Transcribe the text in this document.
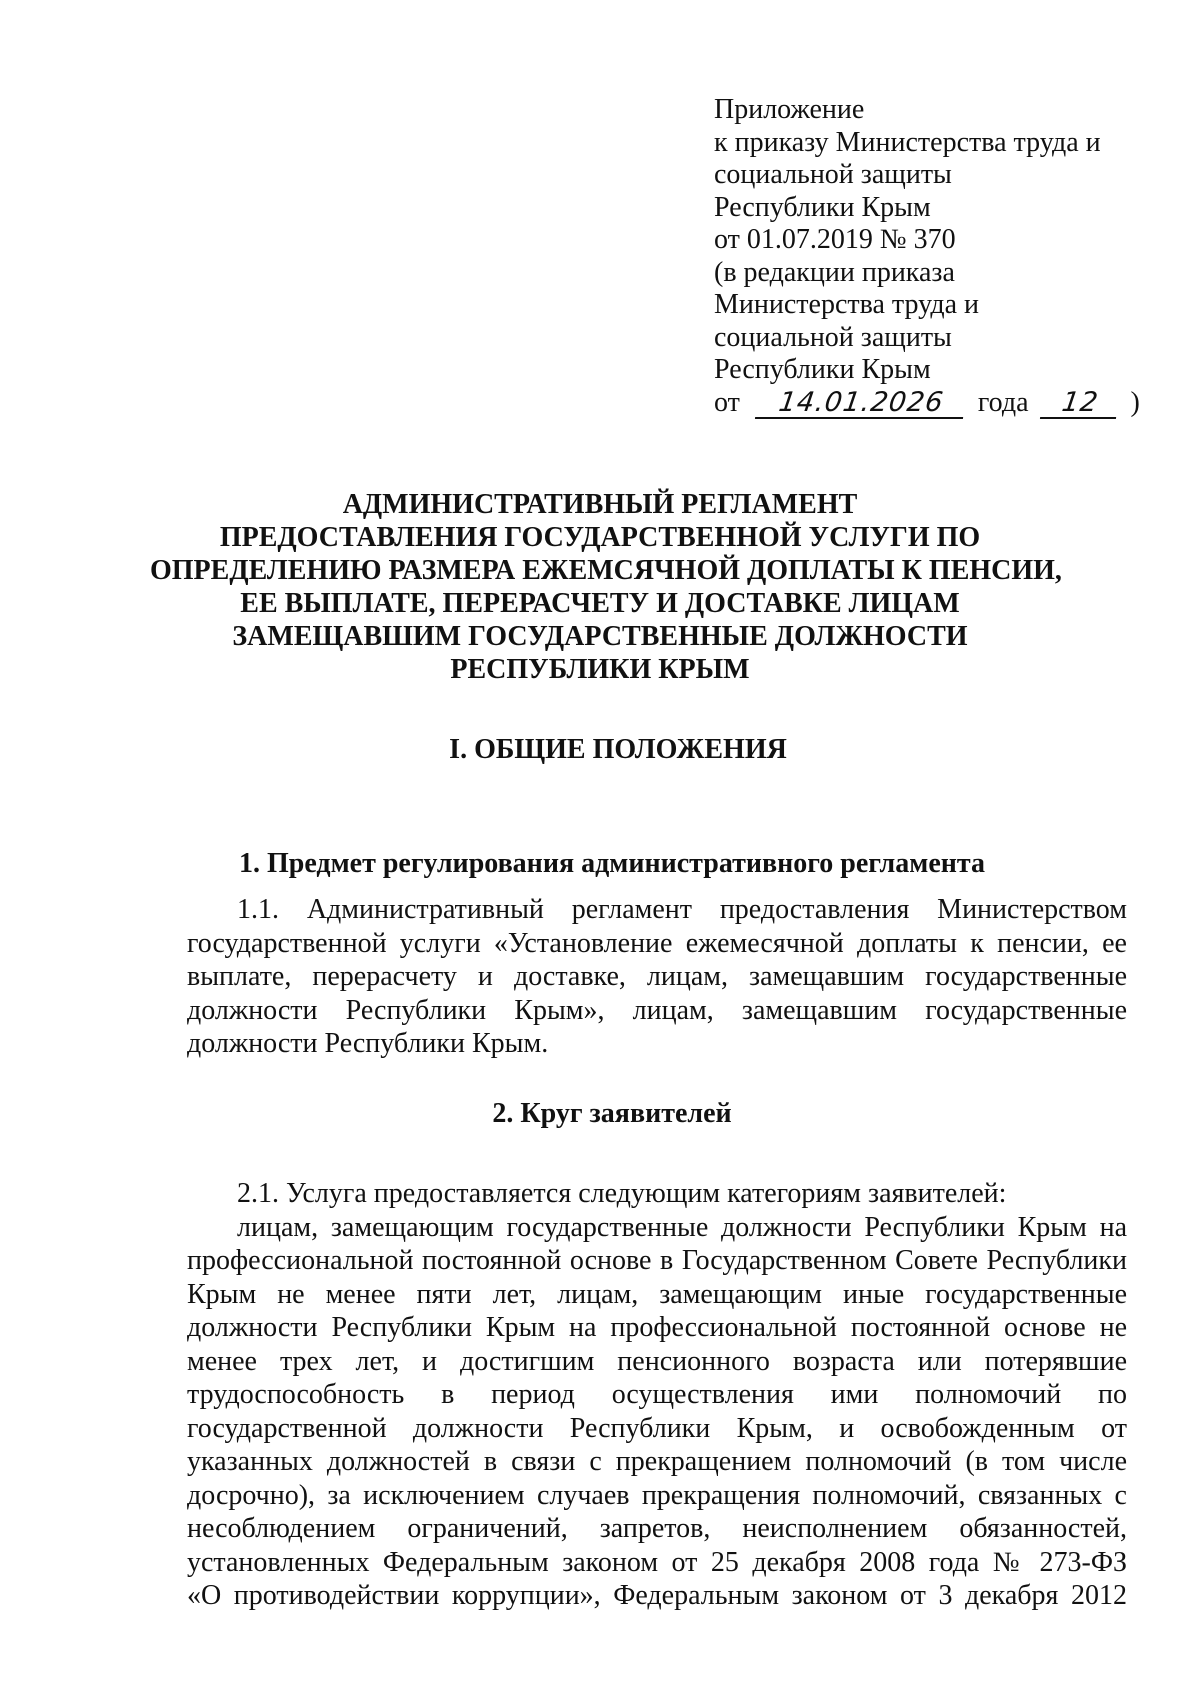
Приложение
к приказу Министерства труда и
социальной защиты
Республики Крым
от 01.07.2019 № 370
(в редакции приказа
Министерства труда и
социальной защиты
Республики Крым
от 14.01.2026 года 12 )
АДМИНИСТРАТИВНЫЙ РЕГЛАМЕНТ
ПРЕДОСТАВЛЕНИЯ ГОСУДАРСТВЕННОЙ УСЛУГИ ПО
ОПРЕДЕЛЕНИЮ РАЗМЕРА ЕЖЕМСЯЧНОЙ ДОПЛАТЫ К ПЕНСИИ,
ЕЕ ВЫПЛАТЕ, ПЕРЕРАСЧЕТУ И ДОСТАВКЕ ЛИЦАМ
ЗАМЕЩАВШИМ ГОСУДАРСТВЕННЫЕ ДОЛЖНОСТИ
РЕСПУБЛИКИ КРЫМ
I. ОБЩИЕ ПОЛОЖЕНИЯ
1. Предмет регулирования административного регламента
1.1. Административный регламент предоставления Министерством
государственной услуги «Установление ежемесячной доплаты к пенсии, ее
выплате, перерасчету и доставке, лицам, замещавшим государственные
должности Республики Крым», лицам, замещавшим государственные
должности Республики Крым.
2. Круг заявителей
2.1. Услуга предоставляется следующим категориям заявителей:
лицам, замещающим государственные должности Республики Крым на
профессиональной постоянной основе в Государственном Совете Республики
Крым не менее пяти лет, лицам, замещающим иные государственные
должности Республики Крым на профессиональной постоянной основе не
менее трех лет, и достигшим пенсионного возраста или потерявшие
трудоспособность в период осуществления ими полномочий по
государственной должности Республики Крым, и освобожденным от
указанных должностей в связи с прекращением полномочий (в том числе
досрочно), за исключением случаев прекращения полномочий, связанных с
несоблюдением ограничений, запретов, неисполнением обязанностей,
установленных Федеральным законом от 25 декабря 2008 года № 273-ФЗ
«О противодействии коррупции», Федеральным законом от 3 декабря 2012
